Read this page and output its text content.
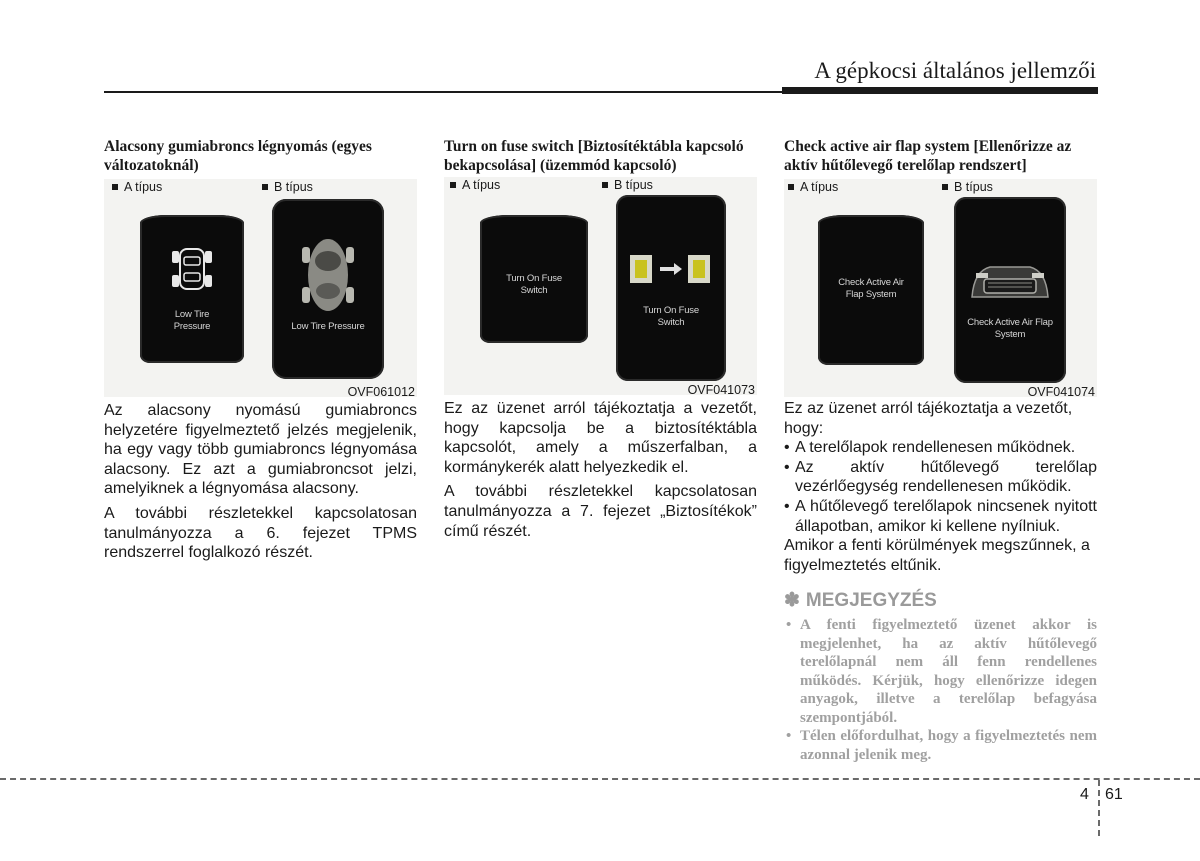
A gépkocsi általános jellemzői

Alacsony gumiabroncs légnyomás (egyes változatoknál)

A típus	B típus
Low Tire Pressure	Low Tire Pressure
OVF061012

Az alacsony nyomású gumiabroncs helyzetére figyelmeztető jelzés megjelenik, ha egy vagy több gumiabroncs légnyomása alacsony. Ez azt a gumiabroncsot jelzi, amelyiknek a légnyomása alacsony.

A további részletekkel kapcsolatosan tanulmányozza a 6. fejezet TPMS rendszerrel foglalkozó részét.

Turn on fuse switch [Biztosítéktábla kapcsoló bekapcsolása] (üzemmód kapcsoló)

A típus	B típus
Turn On Fuse Switch
Turn On Fuse Switch
OVF041073

Ez az üzenet arról tájékoztatja a vezetőt, hogy kapcsolja be a biztosítéktábla kapcsolót, amely a műszerfalban, a kormánykerék alatt helyezkedik el.

A további részletekkel kapcsolatosan tanulmányozza a 7. fejezet „Biztosítékok” című részét.

Check active air flap system [Ellenőrizze az aktív hűtőlevegő terelőlap rendszert]

A típus	B típus
Check Active Air Flap System
Check Active Air Flap System
OVF041074

Ez az üzenet arról tájékoztatja a vezetőt, hogy:

• A terelőlapok rendellenesen működnek.
• Az aktív hűtőlevegő terelőlap vezérlőegység rendellenesen működik.
• A hűtőlevegő terelőlapok nincsenek nyitott állapotban, amikor ki kellene nyílniuk.

Amikor a fenti körülmények megszűnnek, a figyelmeztetés eltűnik.

✽ MEGJEGYZÉS
• A fenti figyelmeztető üzenet akkor is megjelenhet, ha az aktív hűtőlevegő terelőlapnál nem áll fenn rendellenes működés. Kérjük, hogy ellenőrizze idegen anyagok, illetve a terelőlap befagyása szempontjából.
• Télen előfordulhat, hogy a figyelmeztetés nem azonnal jelenik meg.
4 61
